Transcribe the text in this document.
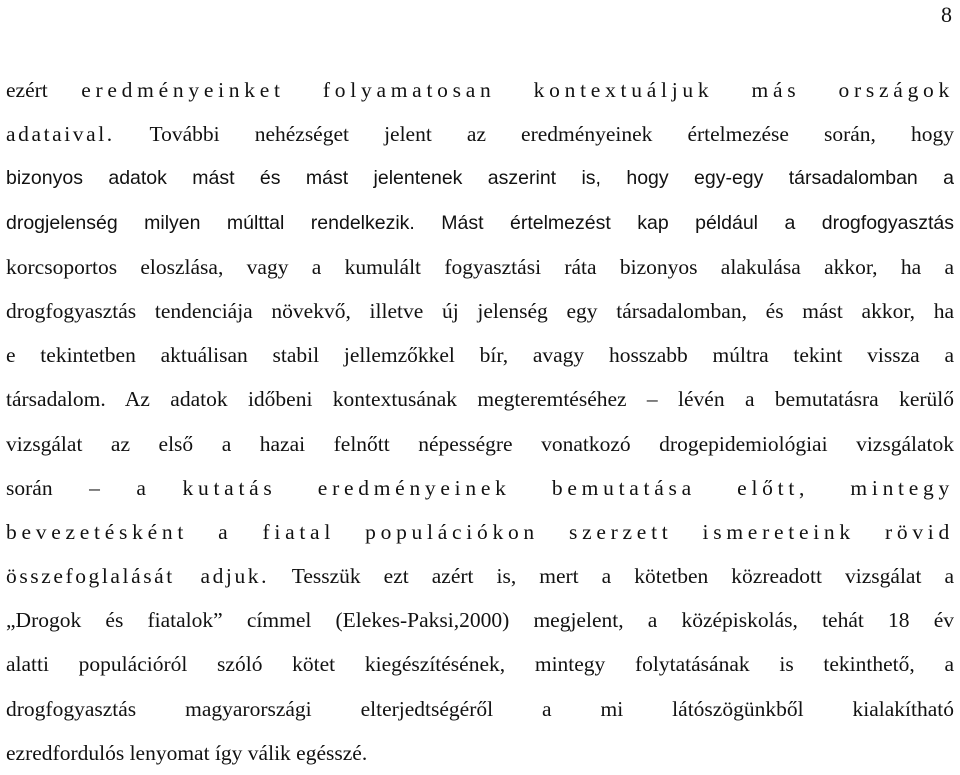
8
ezért eredményeinket folyamatosan kontextuáljuk más országok
adataival. További nehézséget jelent az eredményeinek értelmezése során, hogy
bizonyos adatok mást és mást jelentenek aszerint is, hogy egy-egy társadalomban a
drogjelenség milyen múlttal rendelkezik. Mást értelmezést kap például a drogfogyasztás
korcsoportos eloszlása, vagy a kumulált fogyasztási ráta bizonyos alakulása akkor, ha a
drogfogyasztás tendenciája növekvő, illetve új jelenség egy társadalomban, és mást akkor, ha
e tekintetben aktuálisan stabil jellemzőkkel bír, avagy hosszabb múltra tekint vissza a
társadalom. Az adatok időbeni kontextusának megteremtéséhez – lévén a bemutatásra kerülő
vizsgálat az első a hazai felnőtt népességre vonatkozó drogepidemiológiai vizsgálatok
során – a kutatás eredményeinek bemutatása előtt, mintegy
bevezetésként a fiatal populációkon szerzett ismereteink rövid
összefoglalását adjuk. Tesszük ezt azért is, mert a kötetben közreadott vizsgálat a
„Drogok és fiatalok” címmel (Elekes-Paksi,2000) megjelent, a középiskolás, tehát 18 év
alatti populációról szóló kötet kiegészítésének, mintegy folytatásának is tekinthető, a
drogfogyasztás magyarországi elterjedtségéről a mi látószögünkből kialakítható
ezredfordulós lenyomat így válik egésszé.
